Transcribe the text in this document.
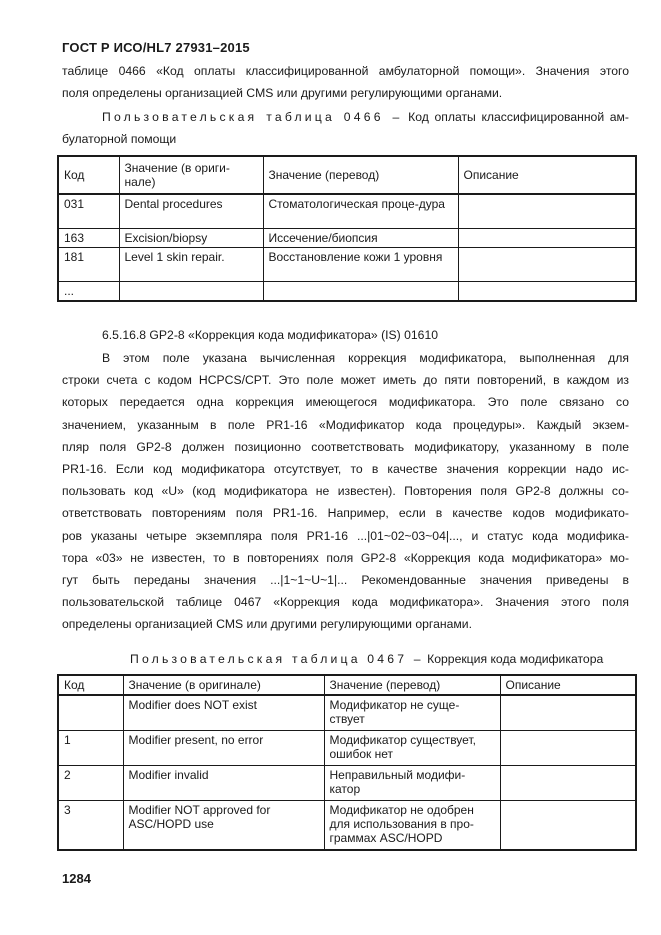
ГОСТ Р ИСО/HL7 27931–2015

таблице 0466 «Код оплаты классифицированной амбулаторной помощи». Значения этого

поля определены организацией CMS или другими регулирующими органами.

Пользовательская таблица 0466 – Код оплаты классифицированной ам-
булаторной помощи
Код	Значение (в ориги-нале)	Значение (перевод)	Описание
031	Dental procedures	Стоматологическая проце-дура	
163	Excision/biopsy	Иссечение/биопсия	
181	Level 1 skin repair.	Восстановление кожи 1 уровня	
...			
6.5.16.8 GP2-8 «Коррекция кода модификатора» (IS) 01610

В этом поле указана вычисленная коррекция модификатора, выполненная для

строки счета с кодом HCPCS/CPT. Это поле может иметь до пяти повторений, в каждом из

которых передается одна коррекция имеющегося модификатора. Это поле связано со

значением, указанным в поле PR1-16 «Модификатор кода процедуры». Каждый экзем-

пляр поля GP2-8 должен позиционно соответствовать модификатору, указанному в поле

PR1-16. Если код модификатора отсутствует, то в качестве значения коррекции надо ис-

пользовать код «U» (код модификатора не известен). Повторения поля GP2-8 должны со-

ответствовать повторениям поля PR1-16. Например, если в качестве кодов модификато-

ров указаны четыре экземпляра поля PR1-16 ...|01~02~03~04|..., и статус кода модифика-

тора «03» не известен, то в повторениях поля GP2-8 «Коррекция кода модификатора» мо-

гут быть переданы значения ...|1~1~U~1|... Рекомендованные значения приведены в

пользовательской таблице 0467 «Коррекция кода модификатора». Значения этого поля

определены организацией CMS или другими регулирующими органами.

Пользовательская таблица 0467 – Коррекция кода модификатора
Код	Значение (в оригинале)	Значение (перевод)	Описание
	Modifier does NOT exist	Модификатор не суще-ствует	
1	Modifier present, no error	Модификатор существует, ошибок нет	
2	Modifier invalid	Неправильный модифи-катор	
3	Modifier NOT approved for ASC/HOPD use	Модификатор не одобрен для использования в про-граммах ASC/HOPD	
1284
